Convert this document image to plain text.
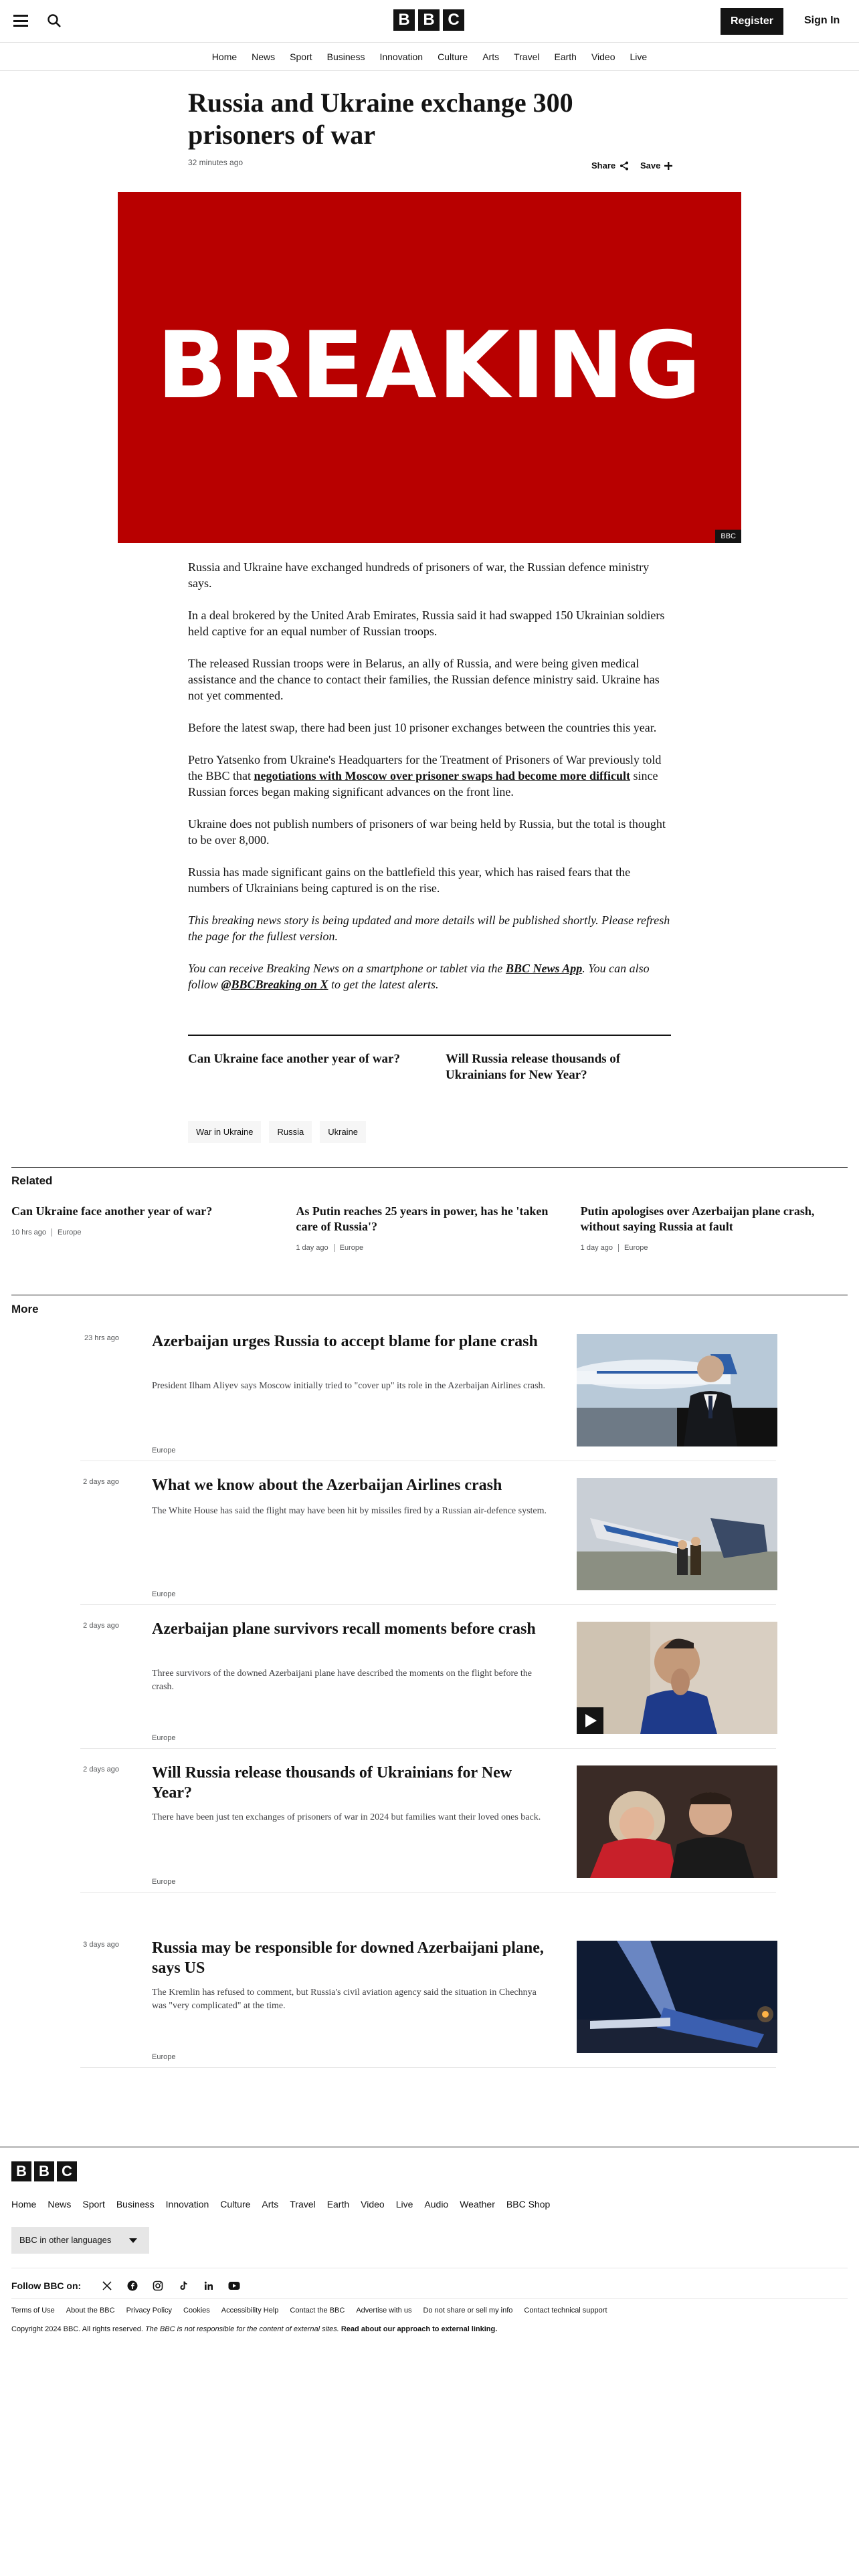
B B C	Register	Sign In
Home News Sport Business Innovation Culture Arts Travel Earth Video Live
Russia and Ukraine exchange 300 prisoners of war
32 minutes ago	Share	Save
BREAKING
BBC

Russia and Ukraine have exchanged hundreds of prisoners of war, the Russian defence ministry says.

In a deal brokered by the United Arab Emirates, Russia said it had swapped 150 Ukrainian soldiers held captive for an equal number of Russian troops.

The released Russian troops were in Belarus, an ally of Russia, and were being given medical assistance and the chance to contact their families, the Russian defence ministry said. Ukraine has not yet commented.

Before the latest swap, there had been just 10 prisoner exchanges between the countries this year.

Petro Yatsenko from Ukraine's Headquarters for the Treatment of Prisoners of War previously told the BBC that negotiations with Moscow over prisoner swaps had become more difficult since Russian forces began making significant advances on the front line.

Ukraine does not publish numbers of prisoners of war being held by Russia, but the total is thought to be over 8,000.

Russia has made significant gains on the battlefield this year, which has raised fears that the numbers of Ukrainians being captured is on the rise.

This breaking news story is being updated and more details will be published shortly. Please refresh the page for the fullest version.

You can receive Breaking News on a smartphone or tablet via the BBC News App. You can also follow @BBCBreaking on X to get the latest alerts.

Can Ukraine face another year of war?	Will Russia release thousands of Ukrainians for New Year?
War in Ukraine	Russia	Ukraine
Related
Can Ukraine face another year of war?
10 hrs ago Europe
As Putin reaches 25 years in power, has he 'taken care of Russia'?
1 day ago Europe
Putin apologises over Azerbaijan plane crash, without saying Russia at fault
1 day ago Europe
More
23 hrs ago Azerbaijan urges Russia to accept blame for plane crash
President Ilham Aliyev says Moscow initially tried to "cover up" its role in the Azerbaijan Airlines crash.
Europe
2 days ago What we know about the Azerbaijan Airlines crash
The White House has said the flight may have been hit by missiles fired by a Russian air-defence system.
Europe
2 days ago Azerbaijan plane survivors recall moments before crash
Three survivors of the downed Azerbaijani plane have described the moments on the flight before the crash.
Europe
2 days ago Will Russia release thousands of Ukrainians for New Year?
There have been just ten exchanges of prisoners of war in 2024 but families want their loved ones back.
Europe
3 days ago Russia may be responsible for downed Azerbaijani plane, says US
The Kremlin has refused to comment, but Russia's civil aviation agency said the situation in Chechnya was "very complicated" at the time.
Europe
B B C
Home News Sport Business Innovation Culture Arts Travel Earth Video Live Audio Weather BBC Shop
BBC in other languages
Follow BBC on:
Terms of Use About the BBC Privacy Policy Cookies Accessibility Help Contact the BBC Advertise with us Do not share or sell my info Contact technical support
Copyright 2024 BBC. All rights reserved. The BBC is not responsible for the content of external sites. Read about our approach to external linking.
